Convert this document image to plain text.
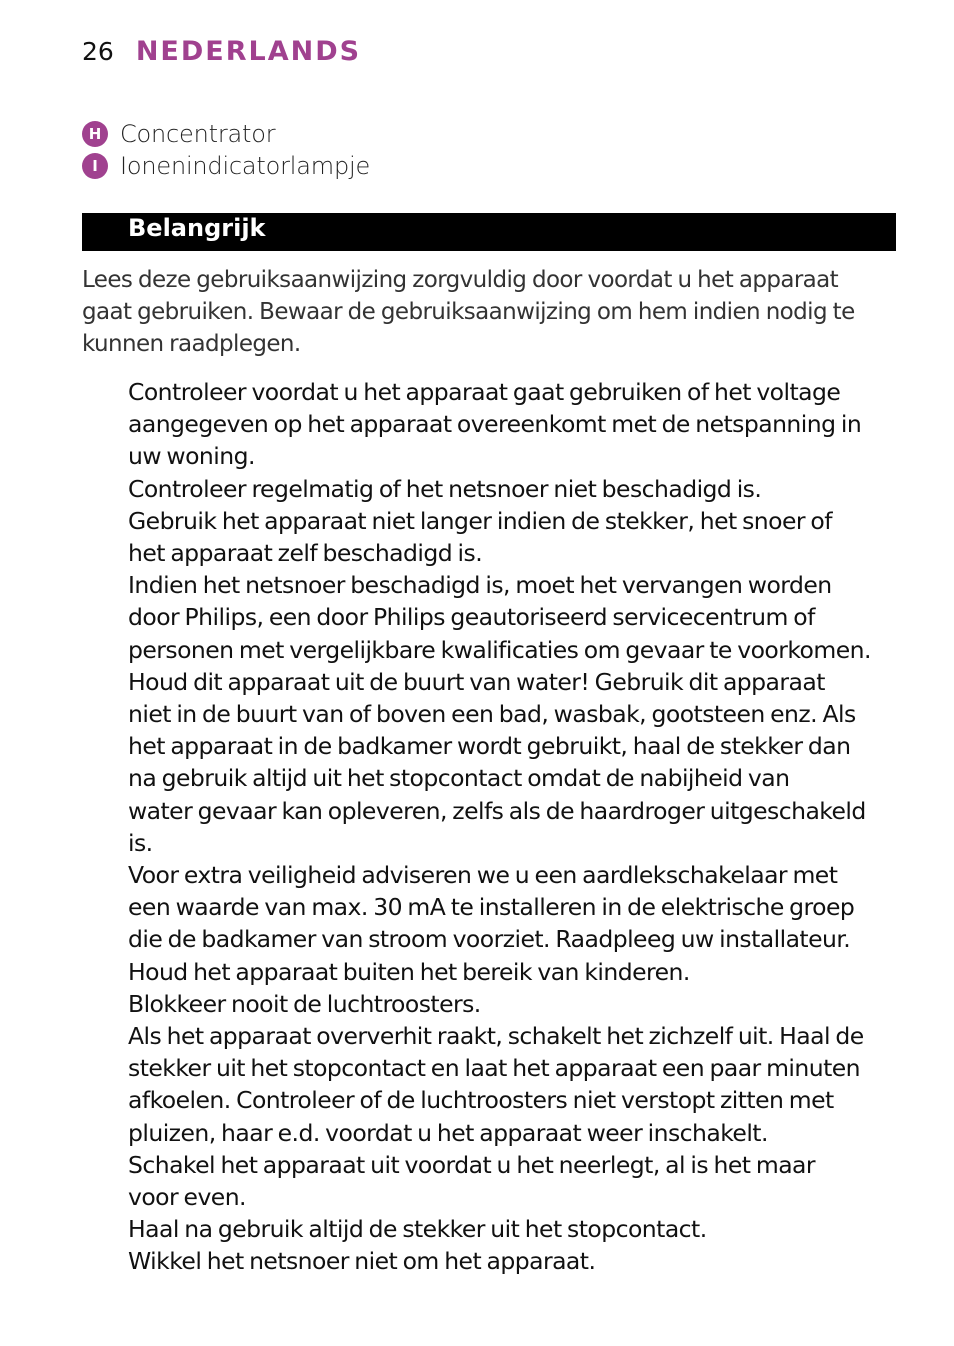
26 NEDERLANDS
H Concentrator
I Ionenindicatorlampje
Belangrijk
Lees deze gebruiksaanwijzing zorgvuldig door voordat u het apparaat
gaat gebruiken. Bewaar de gebruiksaanwijzing om hem indien nodig te
kunnen raadplegen.
Controleer voordat u het apparaat gaat gebruiken of het voltage
aangegeven op het apparaat overeenkomt met de netspanning in
uw woning.
Controleer regelmatig of het netsnoer niet beschadigd is.
Gebruik het apparaat niet langer indien de stekker, het snoer of
het apparaat zelf beschadigd is.
Indien het netsnoer beschadigd is, moet het vervangen worden
door Philips, een door Philips geautoriseerd servicecentrum of
personen met vergelijkbare kwalificaties om gevaar te voorkomen.
Houd dit apparaat uit de buurt van water! Gebruik dit apparaat
niet in de buurt van of boven een bad, wasbak, gootsteen enz. Als
het apparaat in de badkamer wordt gebruikt, haal de stekker dan
na gebruik altijd uit het stopcontact omdat de nabijheid van
water gevaar kan opleveren, zelfs als de haardroger uitgeschakeld
is.
Voor extra veiligheid adviseren we u een aardlekschakelaar met
een waarde van max. 30 mA te installeren in de elektrische groep
die de badkamer van stroom voorziet. Raadpleeg uw installateur.
Houd het apparaat buiten het bereik van kinderen.
Blokkeer nooit de luchtroosters.
Als het apparaat oververhit raakt, schakelt het zichzelf uit. Haal de
stekker uit het stopcontact en laat het apparaat een paar minuten
afkoelen. Controleer of de luchtroosters niet verstopt zitten met
pluizen, haar e.d. voordat u het apparaat weer inschakelt.
Schakel het apparaat uit voordat u het neerlegt, al is het maar
voor even.
Haal na gebruik altijd de stekker uit het stopcontact.
Wikkel het netsnoer niet om het apparaat.
